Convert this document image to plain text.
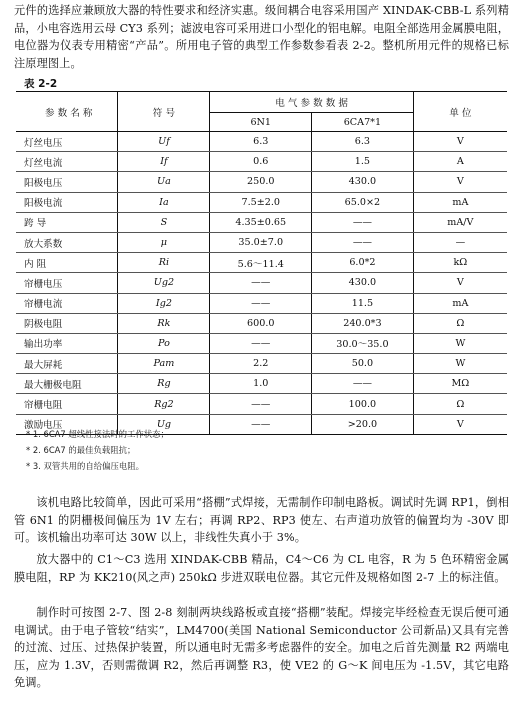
元件的选择应兼顾放大器的特性要求和经济实惠。级间耦合电容采用国产 XINDAK-CBB-L 系列精品，小电容选用云母 CY3 系列；滤波电容可采用进口小型化的铝电解。电阻全部选用金属膜电阻，电位器为仪表专用精密“产品”。所用电子管的典型工作参数参看表 2-2。整机所用元件的规格已标注原理图上。
表 2-2
参 数 名 称	符 号	电 气 参 数 数 据		单 位
		6N1	6CA7*1	
灯丝电压	Uf	6.3	6.3	V
灯丝电流	If	0.6	1.5	A
阳极电压	Ua	250.0	430.0	V
阳极电流	Ia	7.5±2.0	65.0×2	mA
跨 导	S	4.35±0.65	——	mA/V
放大系数	μ	35.0±7.0	——	—
内 阻	Ri	5.6～11.4	6.0*2	kΩ
帘栅电压	Ug2	——	430.0	V
帘栅电流	Ig2	——	11.5	mA
阴极电阻	Rk	600.0	240.0*3	Ω
输出功率	Po	——	30.0～35.0	W
最大屏耗	Pam	2.2	50.0	W
最大栅极电阻	Rg	1.0	——	MΩ
帘栅电阻	Rg2	——	100.0	Ω
激励电压	Ug	——	>20.0	V
* 1. 6CA7 超线性接法时的工作状态；
* 2. 6CA7 的最佳负载阻抗；
* 3. 双管共用的自给偏压电阻。
该机电路比较简单，因此可采用“搭棚”式焊接，无需制作印制电路板。调试时先调 RP1，倒相管 6N1 的阴栅极间偏压为 1V 左右；再调 RP2、RP3 使左、右声道功放管的偏置均为 -30V 即可。该机输出功率可达 30W 以上，非线性失真小于 3%。
放大器中的 C1～C3 选用 XINDAK-CBB 精品，C4～C6 为 CL 电容，R 为 5 色环精密金属膜电阻，RP 为 KK210(风之声) 250kΩ 步进双联电位器。其它元件及规格如图 2-7 上的标注值。
制作时可按图 2-7、图 2-8 刻制两块线路板或直接“搭棚”装配。焊接完毕经检查无误后便可通电调试。由于电子管较“结实”，LM4700(美国 National Semiconductor 公司新品)又具有完善的过流、过压、过热保护装置，所以通电时无需多考虑器件的安全。加电之后首先测量 R2 两端电压，应为 1.3V，否则需微调 R2，然后再调整 R3，使 VE2 的 G～K 间电压为 -1.5V，其它电路免调。
